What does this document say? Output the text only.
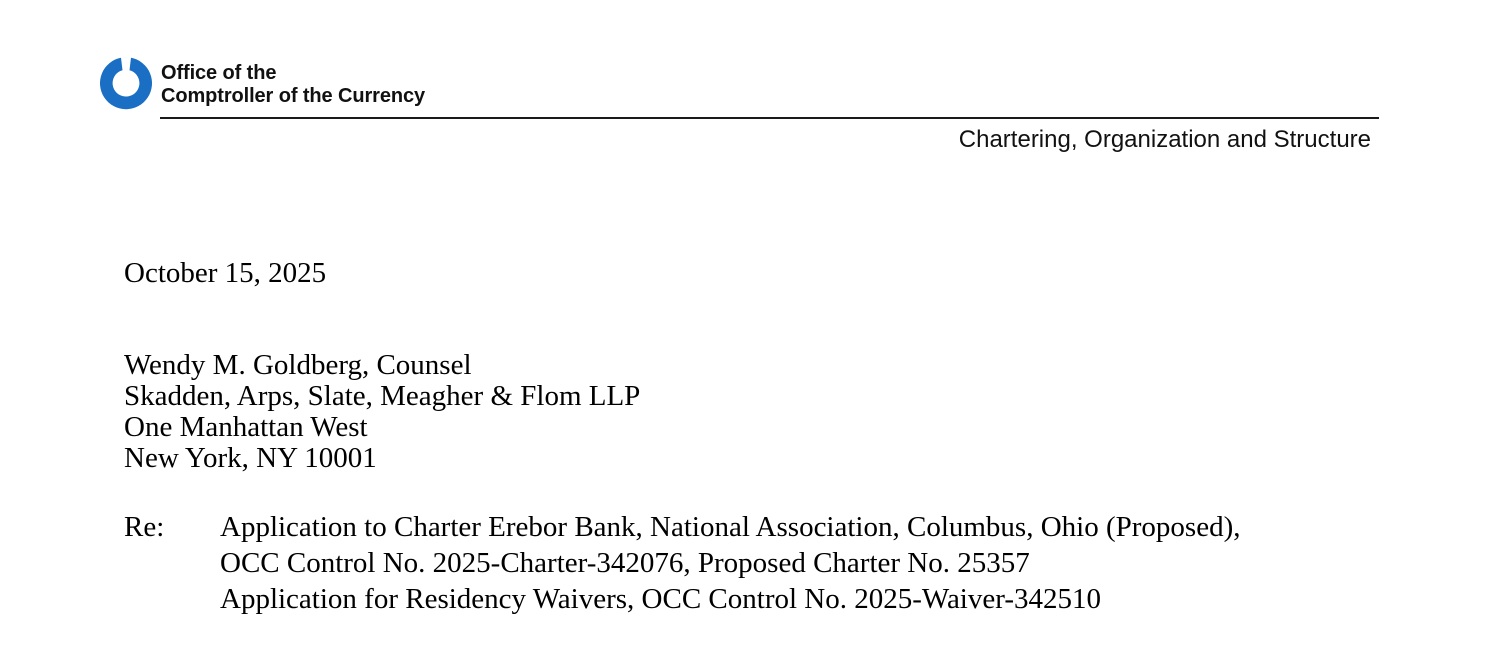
Office of the
Comptroller of the Currency
Chartering, Organization and Structure
October 15, 2025
Wendy M. Goldberg, Counsel
Skadden, Arps, Slate, Meagher & Flom LLP
One Manhattan West
New York, NY 10001
Re: Application to Charter Erebor Bank, National Association, Columbus, Ohio (Proposed),
OCC Control No. 2025-Charter-342076, Proposed Charter No. 25357
Application for Residency Waivers, OCC Control No. 2025-Waiver-342510
